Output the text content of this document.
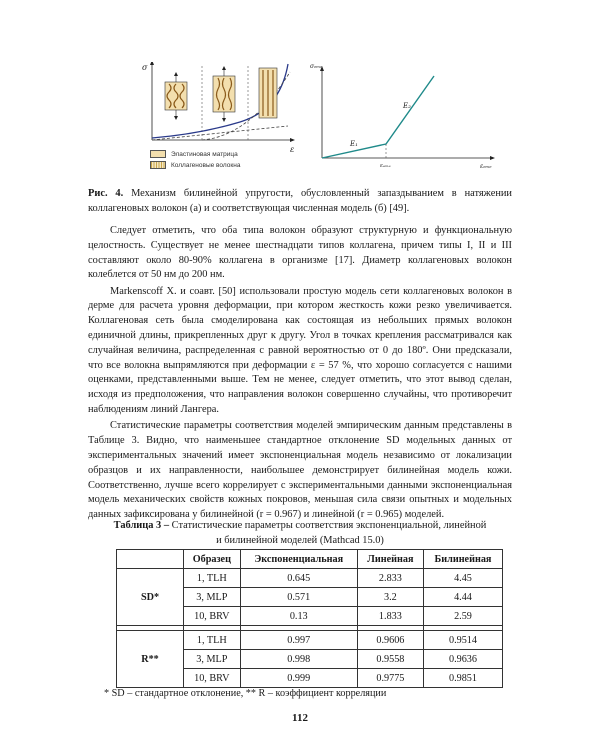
σ
ε
Эластиновая матрица
Коллагеновые волокна
σₑₘₑ
εₑₘₑ
εₑₘₑ
E₁
E₂
Рис. 4. Механизм билинейной упругости, обусловленный запаздыванием в натяжении коллагеновых волокон (а) и соответствующая численная модель (б) [49].

Следует отметить, что оба типа волокон образуют структурную и функциональную целостность. Существует не менее шестнадцати типов коллагена, причем типы I, II и III составляют около 80-90% коллагена в организме [17]. Диаметр коллагеновых волокон колеблется от 50 нм до 200 нм.

Markenscoff X. и соавт. [50] использовали простую модель сети коллагеновых волокон в дерме для расчета уровня деформации, при котором жесткость кожи резко увеличивается. Коллагеновая сеть была смоделирована как состоящая из небольших прямых волокон единичной длины, прикрепленных друг к другу. Угол в точках крепления рассматривался как случайная величина, распределенная с равной вероятностью от 0 до 180º. Они предсказали, что все волокна выпрямляются при деформации ε = 57 %, что хорошо согласуется с нашими оценками, представленными выше. Тем не менее, следует отметить, что этот вывод сделан, исходя из предположения, что направления волокон совершенно случайны, что противоречит наблюдениям линий Лангера.

Статистические параметры соответствия моделей эмпирическим данным представлены в Таблице 3. Видно, что наименьшее стандартное отклонение SD модельных данных от экспериментальных значений имеет экспоненциальная модель независимо от локализации образцов и их направленности, наибольшее демонстрирует билинейная модель кожи. Соответственно, лучше всего коррелирует с экспериментальными данными экспоненциальная модель механических свойств кожных покровов, меньшая сила связи опытных и модельных данных зафиксирована у билинейной (r = 0.967) и линейной (r = 0.965) моделей.

Таблица 3 – Статистические параметры соответствия экспоненциальной, линейной
и билинейной моделей (Mathcad 15.0)
	Образец	Экспоненциальная	Линейная	Билинейная
SD*	1, TLH	0.645	2.833	4.45
	3, MLP	0.571	3.2	4.44
	10, BRV	0.13	1.833	2.59

R**	1, TLH	0.997	0.9606	0.9514
	3, MLP	0.998	0.9558	0.9636
	10, BRV	0.999	0.9775	0.9851
* SD – стандартное отклонение, ** R – коэффициент корреляции
112
